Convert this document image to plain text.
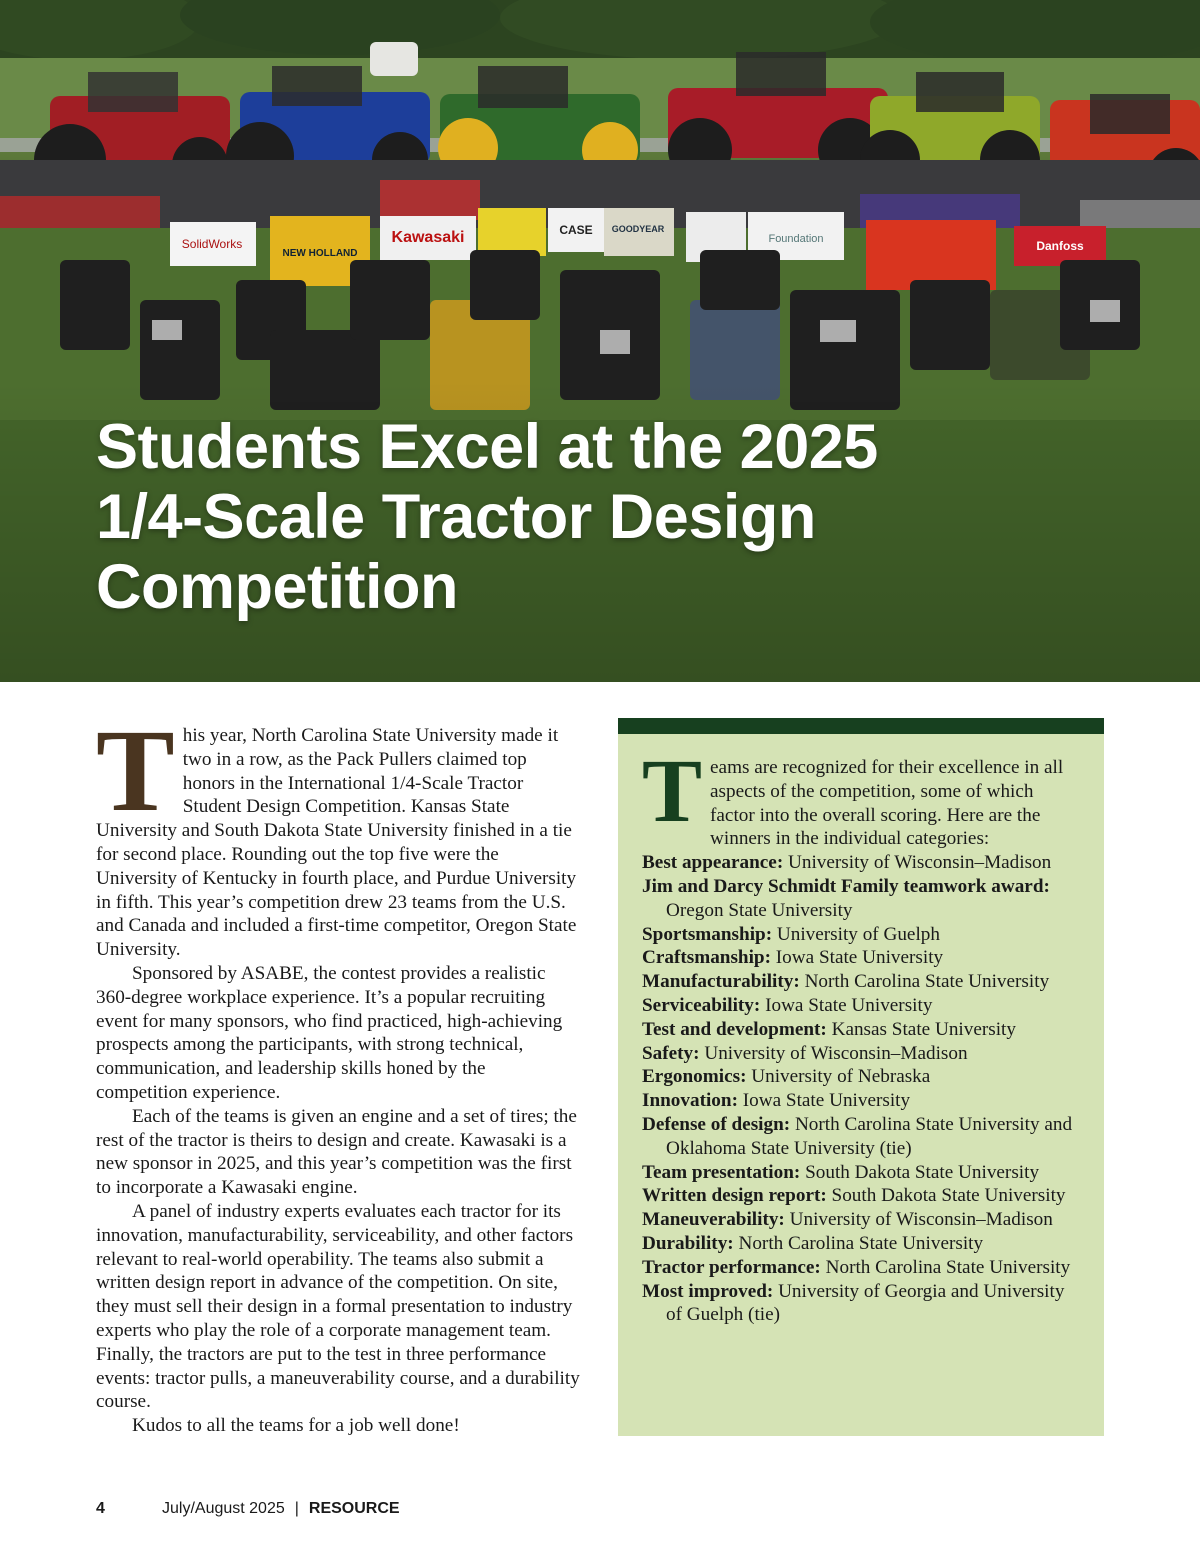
SolidWorks
NEW HOLLAND
Kawasaki	CASE GOODYEAR
Foundation	Danfoss
Students Excel at the 2025
1/4-Scale Tractor Design
Competition

This year, North Carolina State University made it two in a row, as the Pack Pullers claimed top honors in the International 1/4-Scale Tractor Student Design Competition. Kansas State University and South Dakota State University finished in a tie for second place. Rounding out the top five were the University of Kentucky in fourth place, and Purdue University in fifth. This year’s competition drew 23 teams from the U.S. and Canada and included a first-time competitor, Oregon State University.

Sponsored by ASABE, the contest provides a realistic 360-degree workplace experience. It’s a popular recruiting event for many sponsors, who find practiced, high-achieving prospects among the participants, with strong technical, communication, and leadership skills honed by the competition experience.

Each of the teams is given an engine and a set of tires; the rest of the tractor is theirs to design and create. Kawasaki is a new sponsor in 2025, and this year’s competition was the first to incorporate a Kawasaki engine.

A panel of industry experts evaluates each tractor for its innovation, manufacturability, serviceability, and other factors relevant to real-world operability. The teams also submit a written design report in advance of the competition. On site, they must sell their design in a formal presentation to industry experts who play the role of a corporate management team. Finally, the tractors are put to the test in three performance events: tractor pulls, a maneuverability course, and a durability course.

Kudos to all the teams for a job well done!

Teams are recognized for their excellence in all aspects of the competition, some of which factor into the overall scoring. Here are the winners in the individual categories:

Best appearance: University of Wisconsin–Madison

Jim and Darcy Schmidt Family teamwork award: Oregon State University

Sportsmanship: University of Guelph

Craftsmanship: Iowa State University

Manufacturability: North Carolina State University

Serviceability: Iowa State University

Test and development: Kansas State University

Safety: University of Wisconsin–Madison

Ergonomics: University of Nebraska

Innovation: Iowa State University

Defense of design: North Carolina State University and Oklahoma State University (tie)

Team presentation: South Dakota State University

Written design report: South Dakota State University

Maneuverability: University of Wisconsin–Madison

Durability: North Carolina State University

Tractor performance: North Carolina State University

Most improved: University of Georgia and University of Guelph (tie)

4	July/August 2025 | RESOURCE
